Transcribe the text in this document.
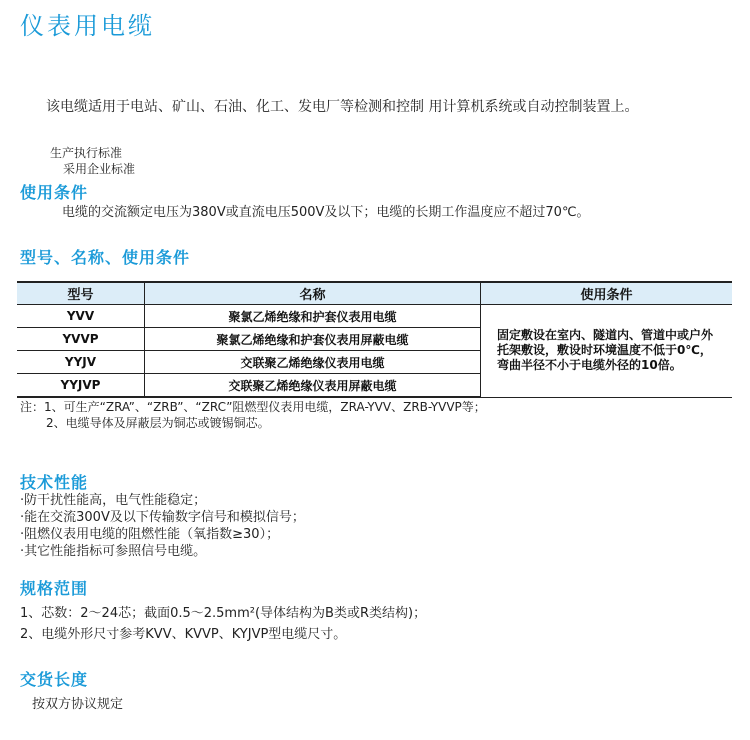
仪表用电缆
该电缆适用于电站、矿山、石油、化工、发电厂等检测和控制 用计算机系统或自动控制装置上。
生产执行标准
采用企业标准
使用条件
电缆的交流额定电压为380V或直流电压500V及以下；电缆的长期工作温度应不超过70℃。
型号、名称、使用条件
型号	名称	使用条件
YVV	聚氯乙烯绝缘和护套仪表用电缆	固定敷设在室内、隧道内、管道中或户外托架敷设，敷设时环境温度不低于0℃，弯曲半径不小于电缆外径的10倍。
YVVP	聚氯乙烯绝缘和护套仪表用屏蔽电缆	
YYJV	交联聚乙烯绝缘仪表用电缆	
YYJVP	交联聚乙烯绝缘仪表用屏蔽电缆	
注：1、可生产“ZRA”、“ZRB”、“ZRC”阻燃型仪表用电缆，ZRA-YVV、ZRB-YVVP等；
2、电缆导体及屏蔽层为铜芯或镀锡铜芯。
技术性能
·防干扰性能高，电气性能稳定；
·能在交流300V及以下传输数字信号和模拟信号；
·阻燃仪表用电缆的阻燃性能（氧指数≥30）；
·其它性能指标可参照信号电缆。
规格范围
1、芯数：2～24芯；截面0.5～2.5mm²(导体结构为B类或R类结构)；
2、电缆外形尺寸参考KVV、KVVP、KYJVP型电缆尺寸。
交货长度
按双方协议规定
